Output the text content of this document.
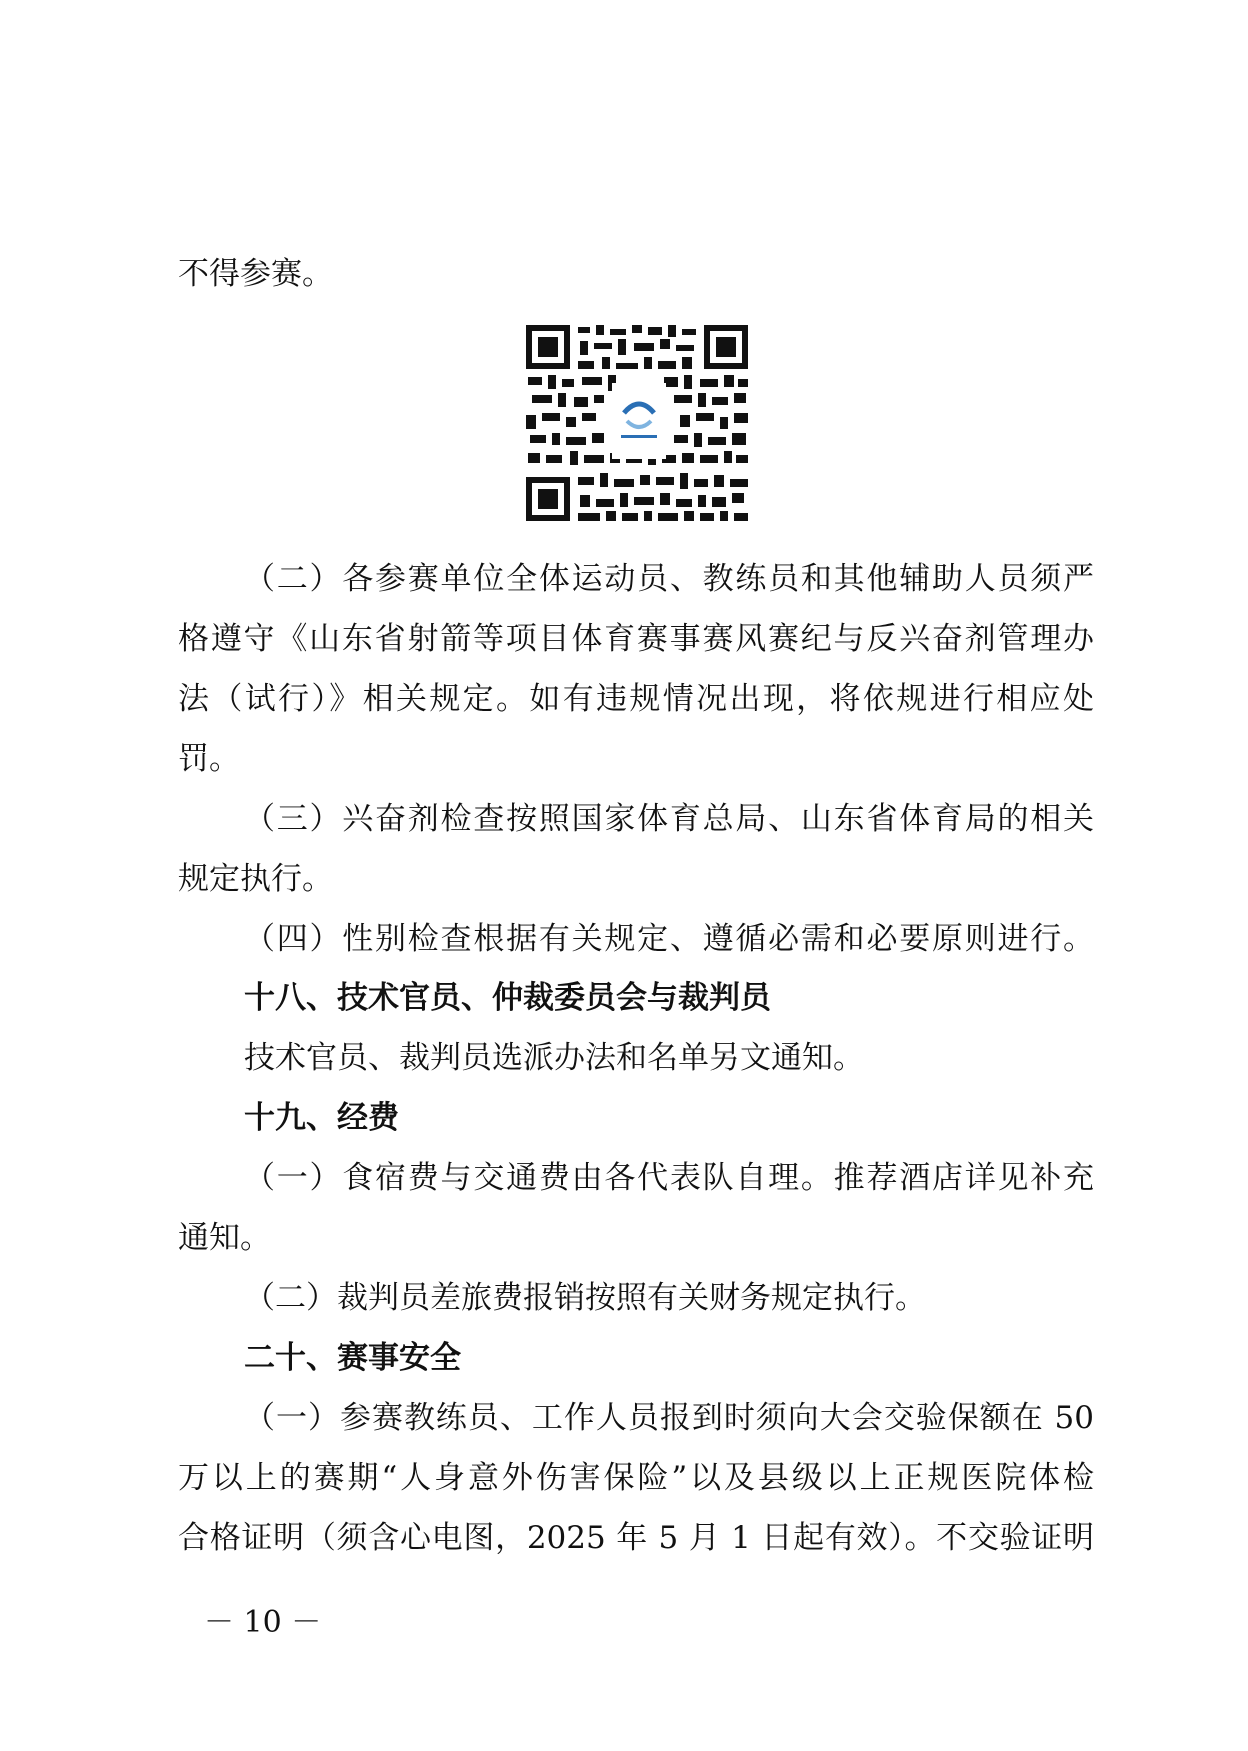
不得参赛。
（二）各参赛单位全体运动员、教练员和其他辅助人员须严
格遵守《山东省射箭等项目体育赛事赛风赛纪与反兴奋剂管理办
法（试行）》相关规定。如有违规情况出现，将依规进行相应处
罚。
（三）兴奋剂检查按照国家体育总局、山东省体育局的相关
规定执行。
（四）性别检查根据有关规定、遵循必需和必要原则进行。
十八、技术官员、仲裁委员会与裁判员
技术官员、裁判员选派办法和名单另文通知。
十九、经费
（一）食宿费与交通费由各代表队自理。推荐酒店详见补充
通知。
（二）裁判员差旅费报销按照有关财务规定执行。
二十、赛事安全
（一）参赛教练员、工作人员报到时须向大会交验保额在 50
万以上的赛期“人身意外伤害保险”以及县级以上正规医院体检
合格证明（须含心电图，2025 年 5 月 1 日起有效）。不交验证明
－ 10 －
